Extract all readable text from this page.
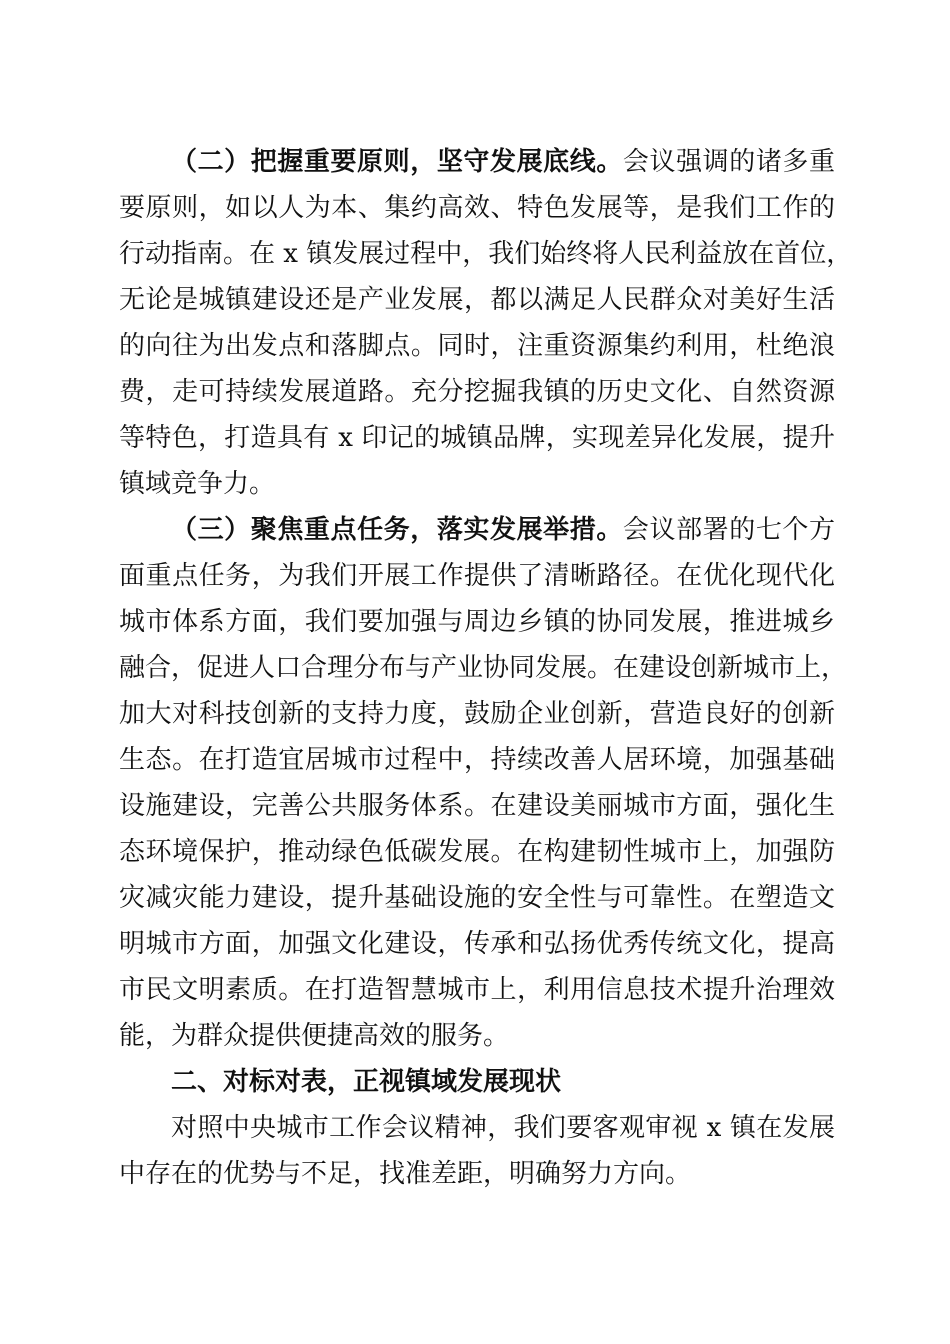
（二）把握重要原则，坚守发展底线。会议强调的诸多重
要原则，如以人为本、集约高效、特色发展等，是我们工作的
行动指南。在 x 镇发展过程中，我们始终将人民利益放在首位，
无论是城镇建设还是产业发展，都以满足人民群众对美好生活
的向往为出发点和落脚点。同时，注重资源集约利用，杜绝浪
费，走可持续发展道路。充分挖掘我镇的历史文化、自然资源
等特色，打造具有 x 印记的城镇品牌，实现差异化发展，提升
镇域竞争力。
（三）聚焦重点任务，落实发展举措。会议部署的七个方
面重点任务，为我们开展工作提供了清晰路径。在优化现代化
城市体系方面，我们要加强与周边乡镇的协同发展，推进城乡
融合，促进人口合理分布与产业协同发展。在建设创新城市上，
加大对科技创新的支持力度，鼓励企业创新，营造良好的创新
生态。在打造宜居城市过程中，持续改善人居环境，加强基础
设施建设，完善公共服务体系。在建设美丽城市方面，强化生
态环境保护，推动绿色低碳发展。在构建韧性城市上，加强防
灾减灾能力建设，提升基础设施的安全性与可靠性。在塑造文
明城市方面，加强文化建设，传承和弘扬优秀传统文化，提高
市民文明素质。在打造智慧城市上，利用信息技术提升治理效
能，为群众提供便捷高效的服务。
二、对标对表，正视镇域发展现状
对照中央城市工作会议精神，我们要客观审视 x 镇在发展
中存在的优势与不足，找准差距，明确努力方向。
